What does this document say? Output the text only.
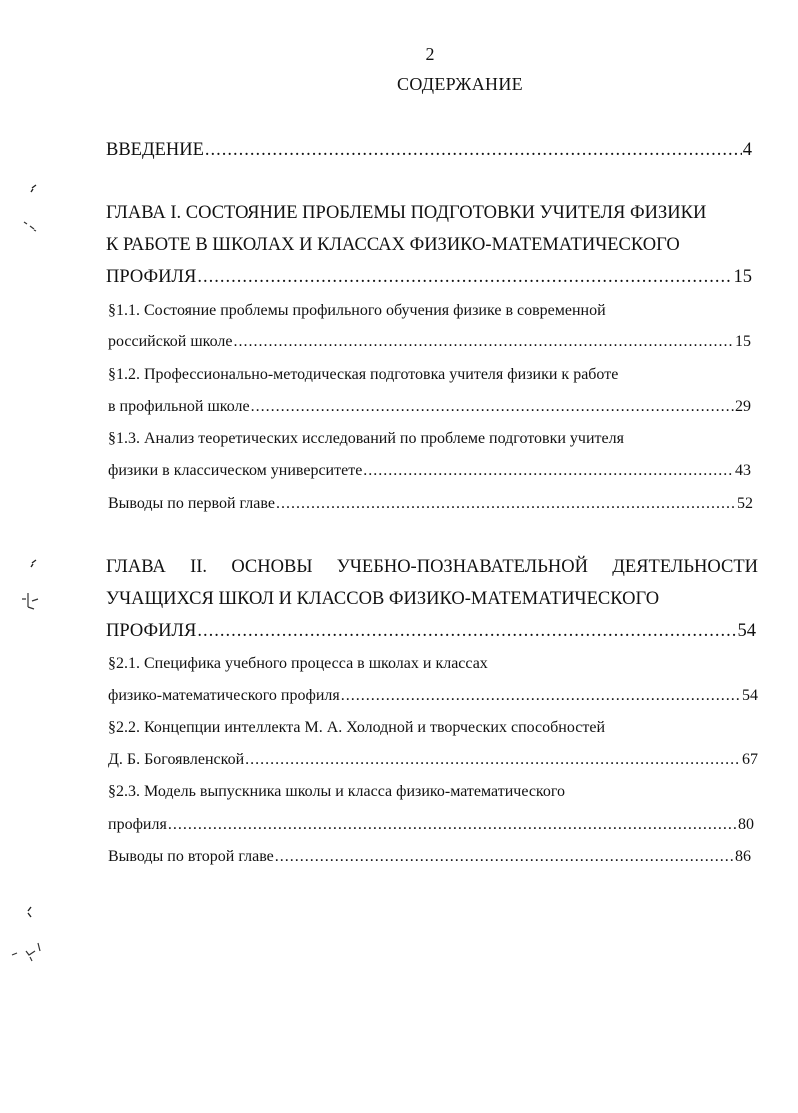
2
СОДЕРЖАНИЕ
ВВЕДЕНИЕ .....	4
ГЛАВА I. СОСТОЯНИЕ ПРОБЛЕМЫ ПОДГОТОВКИ УЧИТЕЛЯ ФИЗИКИ
К РАБОТЕ В ШКОЛАХ И КЛАССАХ ФИЗИКО-МАТЕМАТИЧЕСКОГО
ПРОФИЛЯ .....	15
§1.1. Состояние проблемы профильного обучения физике в современной
российской школе .....	15
§1.2. Профессионально-методическая подготовка учителя физики к работе
в профильной школе .....	29
§1.3. Анализ теоретических исследований по проблеме подготовки учителя
физики в классическом университете .....	43
Выводы по первой главе .....	52
ГЛАВА II. ОСНОВЫ УЧЕБНО-ПОЗНАВАТЕЛЬНОЙ ДЕЯТЕЛЬНОСТИ
УЧАЩИХСЯ ШКОЛ И КЛАССОВ ФИЗИКО-МАТЕМАТИЧЕСКОГО
ПРОФИЛЯ .....	54
§2.1. Специфика учебного процесса в школах и классах
физико-математического профиля .....	54
§2.2. Концепции интеллекта М. А. Холодной и творческих способностей
Д. Б. Богоявленской .....	67
§2.3. Модель выпускника школы и класса физико-математического
профиля .....	80
Выводы по второй главе .....	86
